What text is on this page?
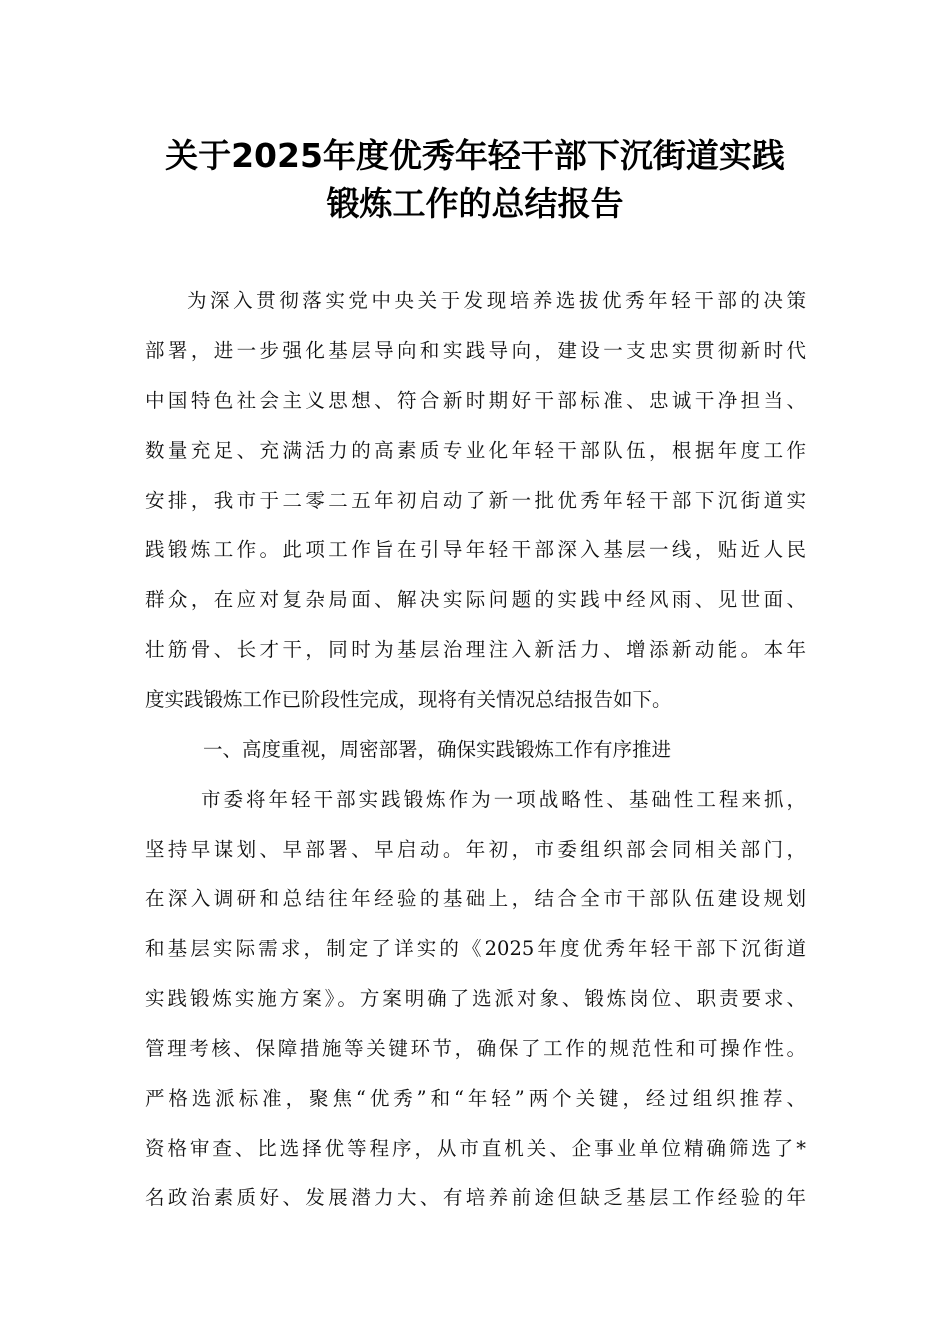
关于2025年度优秀年轻干部下沉街道实践
锻炼工作的总结报告
为深入贯彻落实党中央关于发现培养选拔优秀年轻干部的决策
部署，进一步强化基层导向和实践导向，建设一支忠实贯彻新时代
中国特色社会主义思想、符合新时期好干部标准、忠诚干净担当、
数量充足、充满活力的高素质专业化年轻干部队伍，根据年度工作
安排，我市于二零二五年初启动了新一批优秀年轻干部下沉街道实
践锻炼工作。此项工作旨在引导年轻干部深入基层一线，贴近人民
群众，在应对复杂局面、解决实际问题的实践中经风雨、见世面、
壮筋骨、长才干，同时为基层治理注入新活力、增添新动能。本年
度实践锻炼工作已阶段性完成，现将有关情况总结报告如下。
一、高度重视，周密部署，确保实践锻炼工作有序推进
市委将年轻干部实践锻炼作为一项战略性、基础性工程来抓，
坚持早谋划、早部署、早启动。年初，市委组织部会同相关部门，
在深入调研和总结往年经验的基础上，结合全市干部队伍建设规划
和基层实际需求，制定了详实的《2025年度优秀年轻干部下沉街道
实践锻炼实施方案》。方案明确了选派对象、锻炼岗位、职责要求、
管理考核、保障措施等关键环节，确保了工作的规范性和可操作性。
严格选派标准，聚焦“优秀”和“年轻”两个关键，经过组织推荐、
资格审查、比选择优等程序，从市直机关、企事业单位精确筛选了*
名政治素质好、发展潜力大、有培养前途但缺乏基层工作经验的年
